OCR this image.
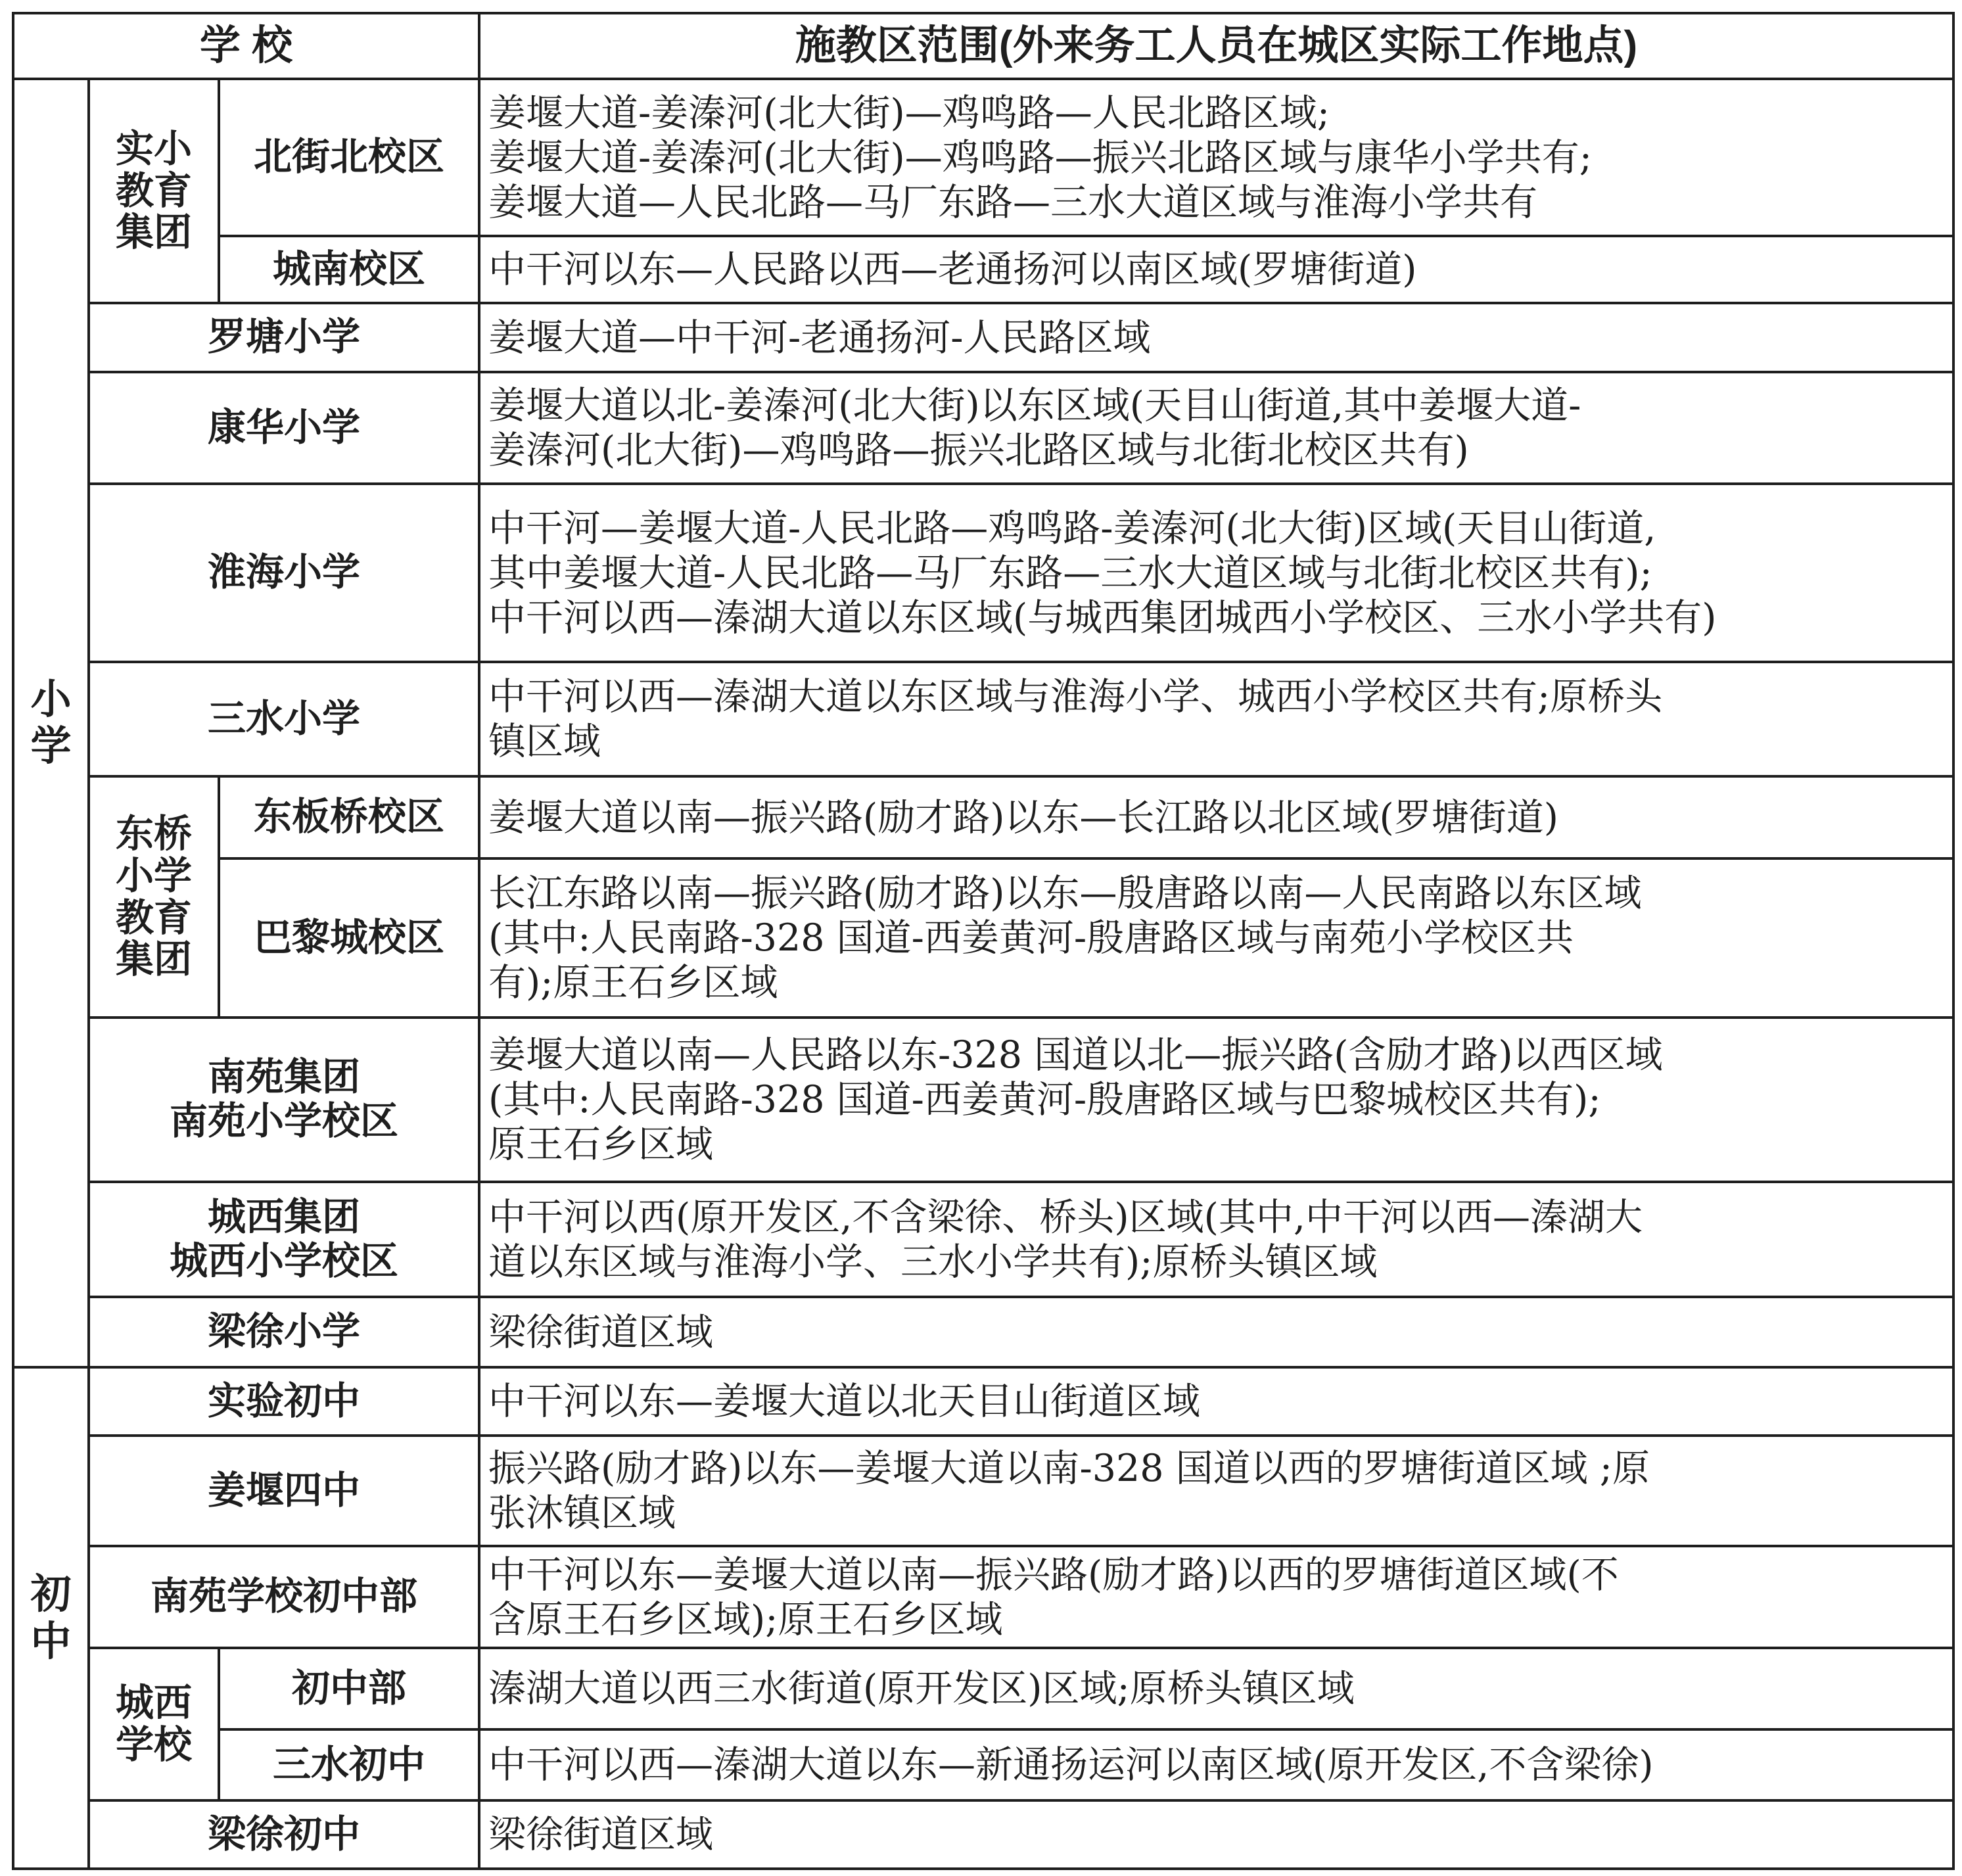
学 校			施教区范围(外来务工人员在城区实际工作地点)

小学	实小教育集团	北街北校区	姜堰大道-姜溱河(北大街)—鸡鸣路—人民北路区域;
姜堰大道-姜溱河(北大街)—鸡鸣路—振兴北路区域与康华小学共有;
姜堰大道—人民北路—马厂东路—三水大道区域与淮海小学共有
		城南校区	中干河以东—人民路以西—老通扬河以南区域(罗塘街道)
	罗塘小学		姜堰大道—中干河-老通扬河-人民路区域
	康华小学		姜堰大道以北-姜溱河(北大街)以东区域(天目山街道,其中姜堰大道-
姜溱河(北大街)—鸡鸣路—振兴北路区域与北街北校区共有)
	淮海小学		中干河—姜堰大道-人民北路—鸡鸣路-姜溱河(北大街)区域(天目山街道,
其中姜堰大道-人民北路—马厂东路—三水大道区域与北街北校区共有);
中干河以西—溱湖大道以东区域(与城西集团城西小学校区、三水小学共有)
	三水小学		中干河以西—溱湖大道以东区域与淮海小学、城西小学校区共有;原桥头
镇区域

	东桥小学教育集团	东板桥校区	姜堰大道以南—振兴路(励才路)以东—长江路以北区域(罗塘街道)
		巴黎城校区	长江东路以南—振兴路(励才路)以东—殷唐路以南—人民南路以东区域
(其中:人民南路-328 国道-西姜黄河-殷唐路区域与南苑小学校区共
有);原王石乡区域
	南苑集团
南苑小学校区		姜堰大道以南—人民路以东-328 国道以北—振兴路(含励才路)以西区域
(其中:人民南路-328 国道-西姜黄河-殷唐路区域与巴黎城校区共有);
原王石乡区域
	城西集团
城西小学校区		中干河以西(原开发区,不含梁徐、桥头)区域(其中,中干河以西—溱湖大
道以东区域与淮海小学、三水小学共有);原桥头镇区域
	梁徐小学		梁徐街道区域

初中	实验初中		中干河以东—姜堰大道以北天目山街道区域
	姜堰四中		振兴路(励才路)以东—姜堰大道以南-328 国道以西的罗塘街道区域 ;原
张沐镇区域
	南苑学校初中部		中干河以东—姜堰大道以南—振兴路(励才路)以西的罗塘街道区域(不
含原王石乡区域);原王石乡区域

	城西学校	初中部	溱湖大道以西三水街道(原开发区)区域;原桥头镇区域
		三水初中	中干河以西—溱湖大道以东—新通扬运河以南区域(原开发区,不含梁徐)
	梁徐初中		梁徐街道区域
